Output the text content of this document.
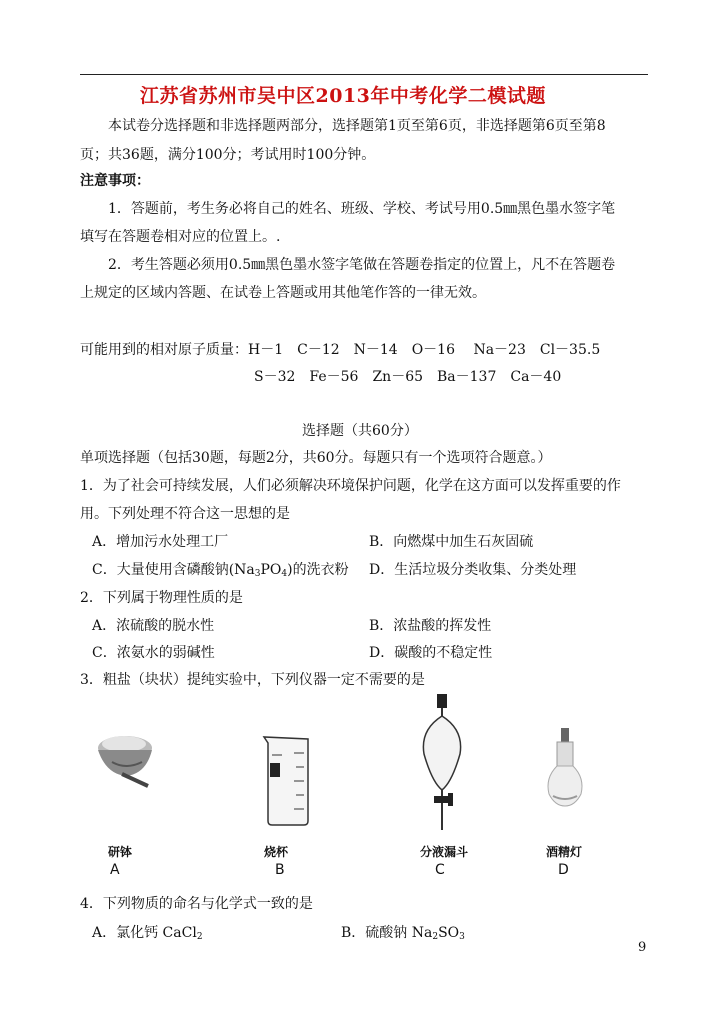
江苏省苏州市吴中区2013年中考化学二模试题
本试卷分选择题和非选择题两部分，选择题第1页至第6页，非选择题第6页至第8
页；共36题，满分100分；考试用时100分钟。
注意事项：
1．答题前，考生务必将自己的姓名、班级、学校、考试号用0.5㎜黑色墨水签字笔
填写在答题卷相对应的位置上。.
2．考生答题必须用0.5㎜黑色墨水签字笔做在答题卷指定的位置上，凡不在答题卷
上规定的区域内答题、在试卷上答题或用其他笔作答的一律无效。
可能用到的相对原子质量：H－1　C－12　N－14　O－16　 Na－23　Cl－35.5
S－32　Fe－56　Zn－65　Ba－137　Ca－40
选择题（共60分）
单项选择题（包括30题，每题2分，共60分。每题只有一个选项符合题意。）
1．为了社会可持续发展，人们必须解决环境保护问题，化学在这方面可以发挥重要的作
用。下列处理不符合这一思想的是
A．增加污水处理工厂	B．向燃煤中加生石灰固硫
C．大量使用含磷酸钠$(Na_3PO_4)$的洗衣粉 D．生活垃圾分类收集、分类处理
2．下列属于物理性质的是
A．浓硫酸的脱水性	B．浓盐酸的挥发性
C．浓氨水的弱碱性	D．碳酸的不稳定性
3．粗盐（块状）提纯实验中，下列仪器一定不需要的是
研钵
A
烧杯
B
分液漏斗
C
酒精灯
D
4．下列物质的命名与化学式一致的是
A．氯化钙 CaCl$_2$	B．硫酸钠 $Na_2SO_3$
9
